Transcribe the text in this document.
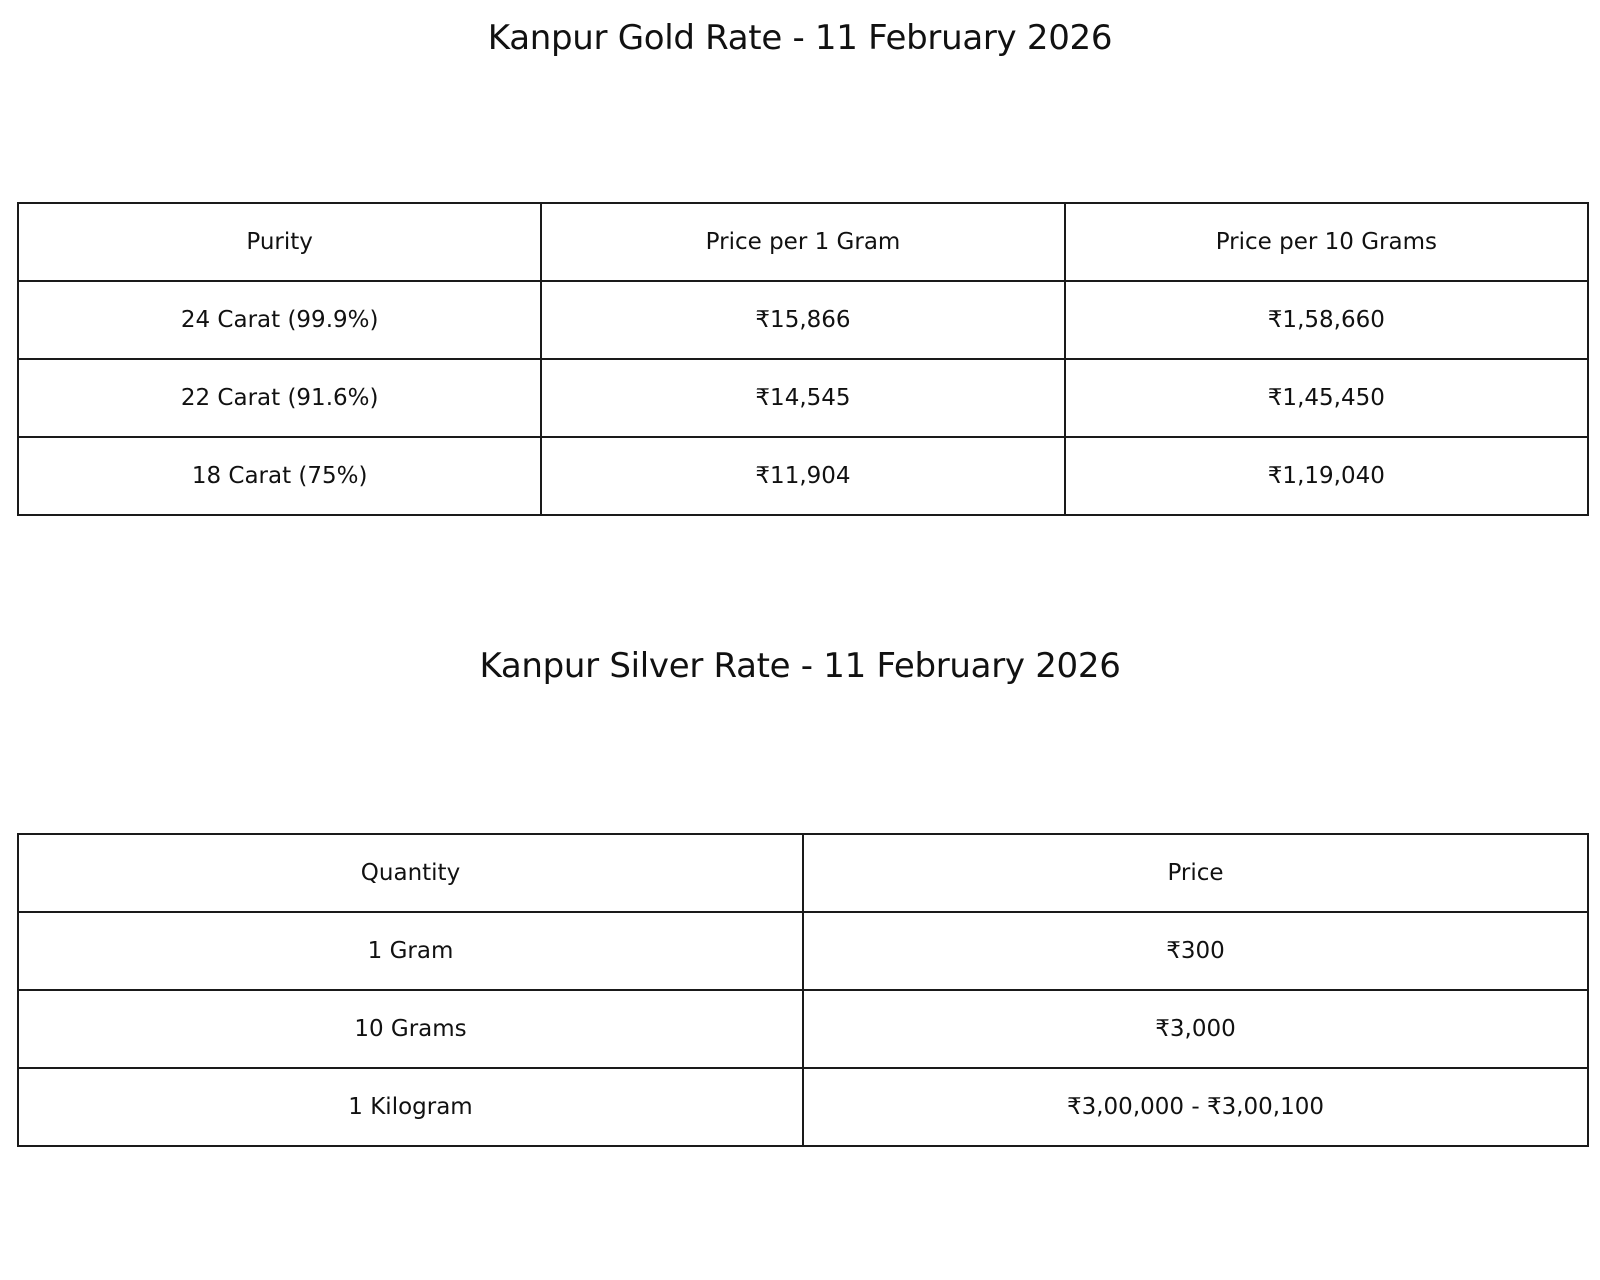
Kanpur Gold Rate - 11 February 2026
Purity	Price per 1 Gram	Price per 10 Grams
24 Carat (99.9%)	₹15,866	₹1,58,660
22 Carat (91.6%)	₹14,545	₹1,45,450
18 Carat (75%)	₹11,904	₹1,19,040
Kanpur Silver Rate - 11 February 2026
Quantity	Price
1 Gram	₹300
10 Grams	₹3,000
1 Kilogram	₹3,00,000 - ₹3,00,100
